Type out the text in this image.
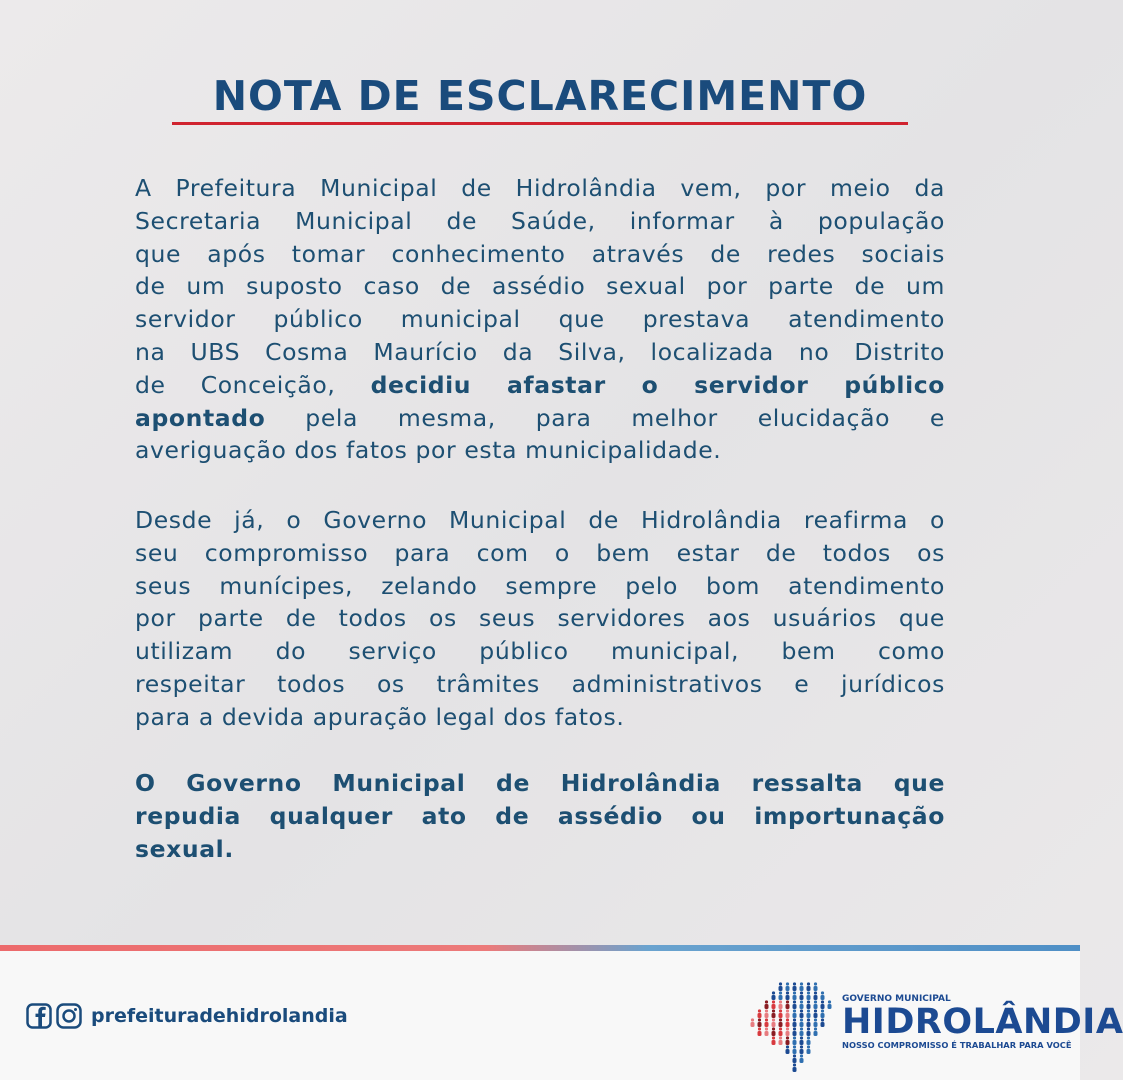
NOTA DE ESCLARECIMENTO
A Prefeitura Municipal de Hidrolândia vem, por meio da
Secretaria Municipal de Saúde, informar à população
que após tomar conhecimento através de redes sociais
de um suposto caso de assédio sexual por parte de um
servidor público municipal que prestava atendimento
na UBS Cosma Maurício da Silva, localizada no Distrito
de Conceição, decidiu afastar o servidor público
apontado pela mesma, para melhor elucidação e
averiguação dos fatos por esta municipalidade.
Desde já, o Governo Municipal de Hidrolândia reafirma o
seu compromisso para com o bem estar de todos os
seus munícipes, zelando sempre pelo bom atendimento
por parte de todos os seus servidores aos usuários que
utilizam do serviço público municipal, bem como
respeitar todos os trâmites administrativos e jurídicos
para a devida apuração legal dos fatos.
O Governo Municipal de Hidrolândia ressalta que
repudia qualquer ato de assédio ou importunação
sexual.
prefeituradehidrolandia
GOVERNO MUNICIPAL
HIDROLÂNDIA
NOSSO COMPROMISSO É TRABALHAR PARA VOCÊ
